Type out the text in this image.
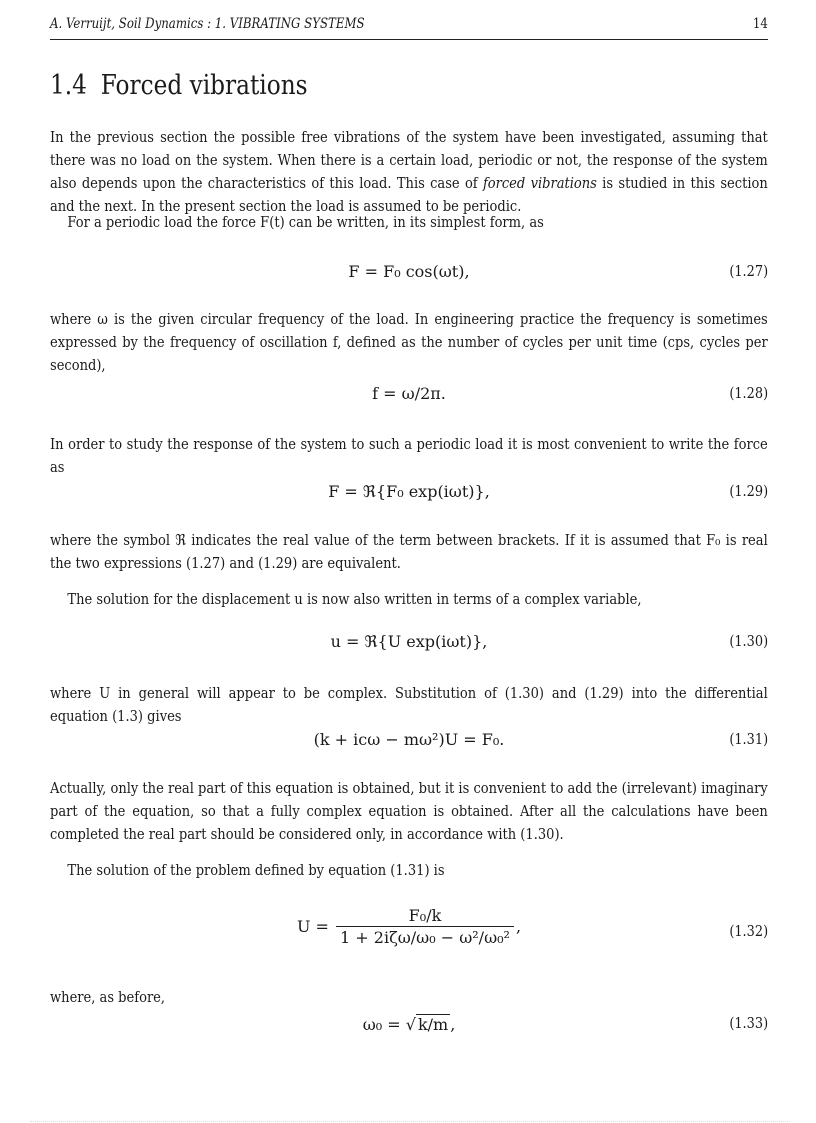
A. Verruijt, Soil Dynamics : 1. VIBRATING SYSTEMS	14
1.4 Forced vibrations

In the previous section the possible free vibrations of the system have been investigated, assuming that there was no load on the system. When there is a certain load, periodic or not, the response of the system also depends upon the characteristics of this load. This case of forced vibrations is studied in this section and the next. In the present section the load is assumed to be periodic.

For a periodic load the force F(t) can be written, in its simplest form, as

F = F₀ cos(ωt),	(1.27)

where ω is the given circular frequency of the load. In engineering practice the frequency is sometimes expressed by the frequency of oscillation f, defined as the number of cycles per unit time (cps, cycles per second),

f = ω/2π.	(1.28)

In order to study the response of the system to such a periodic load it is most convenient to write the force as

F = ℜ{F₀ exp(iωt)},	(1.29)

where the symbol ℜ indicates the real value of the term between brackets. If it is assumed that F₀ is real the two expressions (1.27) and (1.29) are equivalent.

The solution for the displacement u is now also written in terms of a complex variable,

u = ℜ{U exp(iωt)},	(1.30)

where U in general will appear to be complex. Substitution of (1.30) and (1.29) into the differential equation (1.3) gives

(k + icω − mω²)U = F₀.	(1.31)

Actually, only the real part of this equation is obtained, but it is convenient to add the (irrelevant) imaginary part of the equation, so that a fully complex equation is obtained. After all the calculations have been completed the real part should be considered only, in accordance with (1.30).

The solution of the problem defined by equation (1.31) is

$U = \frac{\text{F₀/k}}{\text{1 + 2iζω/ω₀ − ω²/ω₀²}}$ ,	(1.32)

where, as before,

ω₀ = √ k/m ,	(1.33)
